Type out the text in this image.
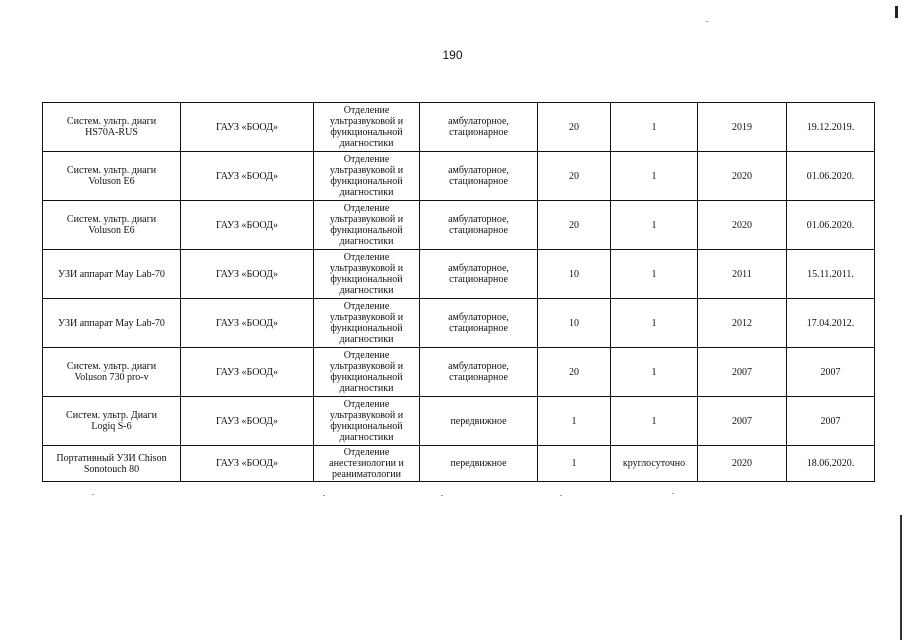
190
Систем. ультр. диаги
HS70A-RUS	ГАУЗ «БООД»	Отделение
ультразвуковой и
функциональной
диагностики	амбулаторное,
стационарное	20	1	2019	19.12.2019.

Систем. ультр. диаги
Voluson E6	ГАУЗ «БООД»	Отделение
ультразвуковой и
функциональной
диагностики	амбулаторное,
стационарное	20	1	2020	01.06.2020.

Систем. ультр. диаги
Voluson E6	ГАУЗ «БООД»	Отделение
ультразвуковой и
функциональной
диагностики	амбулаторное,
стационарное	20	1	2020	01.06.2020.

УЗИ аппарат May Lab-70	ГАУЗ «БООД»	Отделение
ультразвуковой и
функциональной
диагностики	амбулаторное,
стационарное	10	1	2011	15.11.2011.

УЗИ аппарат May Lab-70	ГАУЗ «БООД»	Отделение
ультразвуковой и
функциональной
диагностики	амбулаторное,
стационарное	10	1	2012	17.04.2012.

Систем. ультр. диаги
Voluson 730 pro-v	ГАУЗ «БООД»	Отделение
ультразвуковой и
функциональной
диагностики	амбулаторное,
стационарное	20	1	2007	2007

Систем. ультр. Диаги
Logiq S-6	ГАУЗ «БООД»	Отделение
ультразвуковой и
функциональной
диагностики	передвижное	1	1	2007	2007

Портативный УЗИ Chison
Sonotouch 80	ГАУЗ «БООД»	Отделение
анестезиологии и
реаниматологии	передвижное	1	круглосуточно	2020	18.06.2020.
